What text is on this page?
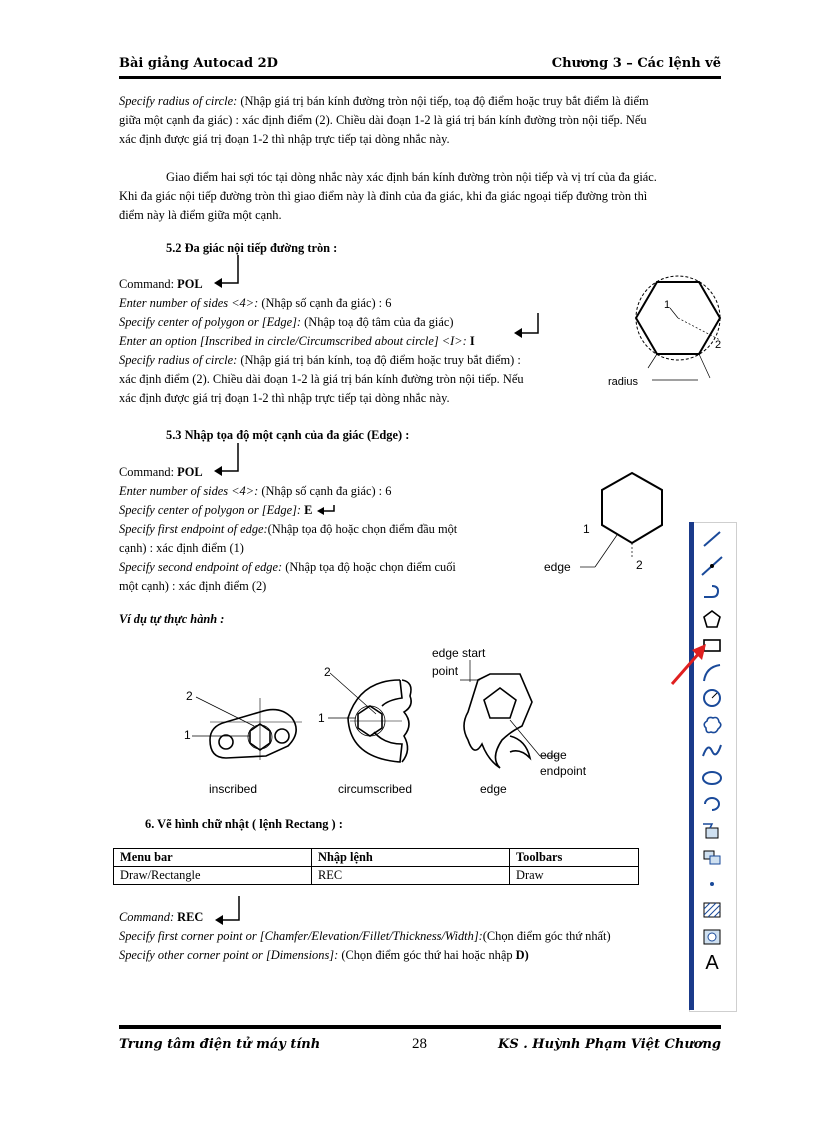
Bài giảng Autocad 2D	Chương 3 – Các lệnh vẽ
Specify radius of circle: (Nhập giá trị bán kính đường tròn nội tiếp, toạ độ điểm hoặc truy bắt điểm là điểm
giữa một cạnh đa giác) : xác định điểm (2). Chiều dài đoạn 1-2 là giá trị bán kính đường tròn nội tiếp. Nếu
xác định được giá trị đoạn 1-2 thì nhập trực tiếp tại dòng nhắc này.
Giao điểm hai sợi tóc tại dòng nhắc này xác định bán kính đường tròn nội tiếp và vị trí của đa giác.
Khi đa giác nội tiếp đường tròn thì giao điểm này là đỉnh của đa giác, khi đa giác ngoại tiếp đường tròn thì
điểm này là điểm giữa một cạnh.
5.2 Đa giác nội tiếp đường tròn :
Command: POL
Enter number of sides <4>: (Nhập số cạnh đa giác) : 6
Specify center of polygon or [Edge]: (Nhập toạ độ tâm của đa giác)
Enter an option [Inscribed in circle/Circumscribed about circle] <I>: I
Specify radius of circle: (Nhập giá trị bán kính, toạ độ điểm hoặc truy bắt điểm) :
xác định điểm (2). Chiều dài đoạn 1-2 là giá trị bán kính đường tròn nội tiếp. Nếu
xác định được giá trị đoạn 1-2 thì nhập trực tiếp tại dòng nhắc này.
1
2
radius
5.3 Nhập tọa độ một cạnh của đa giác (Edge) :
Command: POL
Enter number of sides <4>: (Nhập số cạnh đa giác) : 6
Specify center of polygon or [Edge]: E
Specify first endpoint of edge:(Nhập tọa độ hoặc chọn điểm đầu một
cạnh) : xác định điểm (1)
Specify second endpoint of edge: (Nhập tọa độ hoặc chọn điểm cuối
một cạnh) : xác định điểm (2)
1
2
edge
Ví dụ tự thực hành :
2
1
inscribed
2
1
circumscribed
edge start
point
edge
endpoint
edge
6. Vẽ hình chữ nhật ( lệnh Rectang ) :
Menu bar	Nhập lệnh	Toolbars
Draw/Rectangle	REC	Draw
Command: REC
Specify first corner point or [Chamfer/Elevation/Fillet/Thickness/Width]:(Chọn điểm góc thứ nhất)
Specify other corner point or [Dimensions]: (Chọn điểm góc thứ hai hoặc nhập D)	A
Trung tâm điện tử máy tính	28	KS . Huỳnh Phạm Việt Chương
